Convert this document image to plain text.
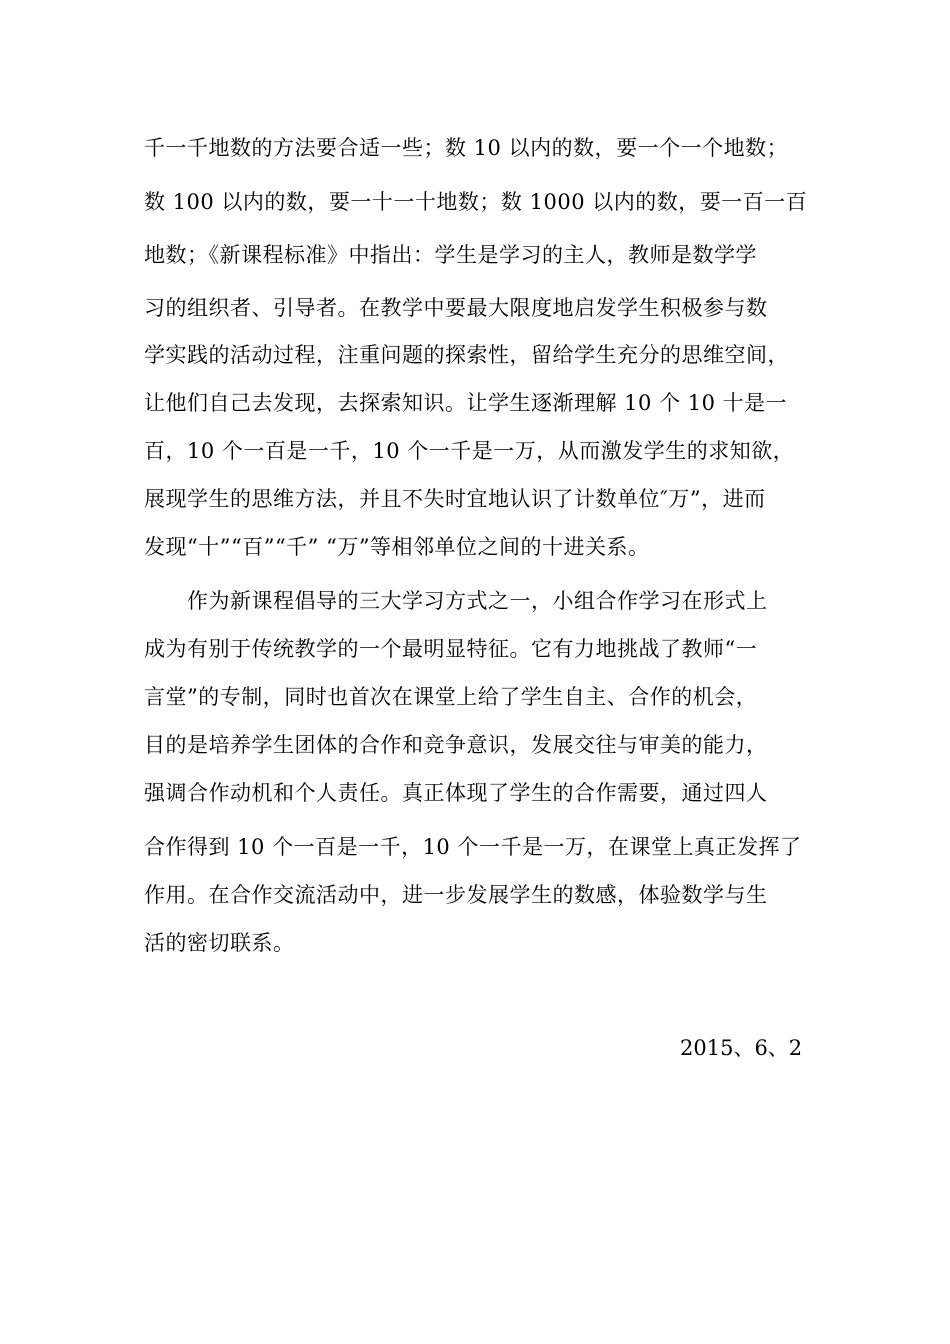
千一千地数的方法要合适一些；数 10 以内的数，要一个一个地数；
数 100 以内的数，要一十一十地数；数 1000 以内的数，要一百一百
地数；《新课程标准》中指出：学生是学习的主人，教师是数学学
习的组织者、引导者。在教学中要最大限度地启发学生积极参与数
学实践的活动过程，注重问题的探索性，留给学生充分的思维空间，
让他们自己去发现，去探索知识。让学生逐渐理解 10 个 10 十是一
百，10 个一百是一千，10 个一千是一万，从而激发学生的求知欲，
展现学生的思维方法，并且不失时宜地认识了计数单位″万”，进而
发现“十”“百”“千” “万”等相邻单位之间的十进关系。
作为新课程倡导的三大学习方式之一，小组合作学习在形式上
成为有别于传统教学的一个最明显特征。它有力地挑战了教师“一
言堂”的专制，同时也首次在课堂上给了学生自主、合作的机会，
目的是培养学生团体的合作和竞争意识，发展交往与审美的能力，
强调合作动机和个人责任。真正体现了学生的合作需要，通过四人
合作得到 10 个一百是一千，10 个一千是一万，在课堂上真正发挥了
作用。在合作交流活动中，进一步发展学生的数感，体验数学与生
活的密切联系。
2015、6、2
